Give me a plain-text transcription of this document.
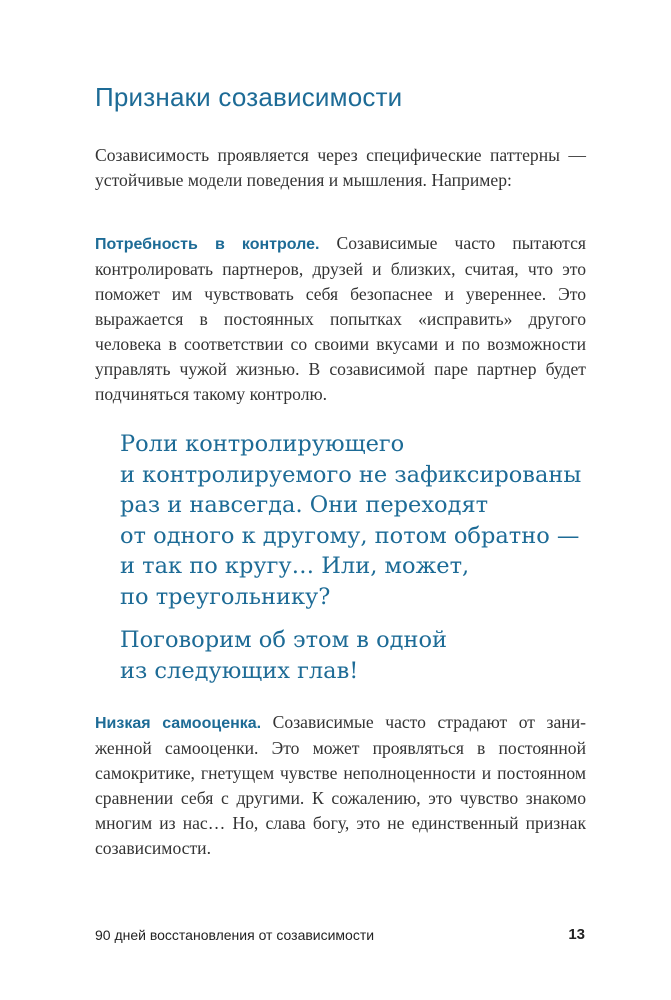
Признаки созависимости

Созависимость проявляется через специфические паттерны — устойчивые модели поведения и мышления. Например:

Потребность в контроле. Созависимые часто пытаются контролировать партнеров, друзей и близких, считая, что это поможет им чувствовать себя безопаснее и увереннее. Это выражается в постоянных попытках «исправить» другого человека в соответствии со своими вкусами и по возможности управлять чужой жизнью. В созависимой паре партнер будет подчиняться такому контролю.

Роли контролирующего
и контролируемого не зафиксированы
раз и навсегда. Они переходят
от одного к другому, потом обратно —
и так по кругу… Или, может,
по треугольнику?

Поговорим об этом в одной
из следующих глав!

Низкая самооценка. Созависимые часто страдают от заниженной самооценки. Это может проявляться в постоянной самокритике, гнетущем чувстве неполноценности и постоянном сравнении себя с другими. К сожалению, это чувство знакомо многим из нас… Но, слава богу, это не единственный признак созависимости.

90 дней восстановления от созависимости	13
